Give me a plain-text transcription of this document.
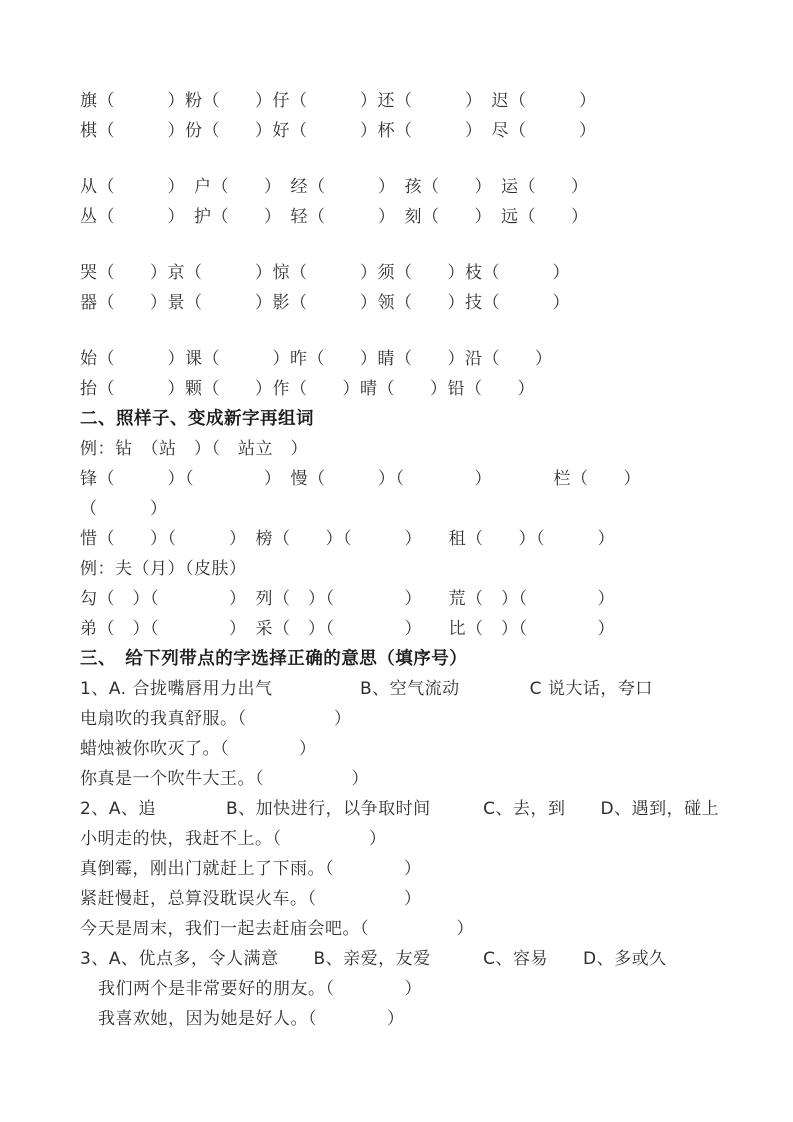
旗（　　　）粉（　　）仔（　　　）还（　　　）　迟（　　　）
棋（　　　）份（　　）好（　　　）杯（　　　）　尽（　　　）
从（　　　）　户（　　）　经（　　　）　孩（　　）　运（　　）
丛（　　　）　护（　　）　轻（　　　）　刻（　　）　远（　　）
哭（　　）京（　　　）惊（　　　）须（　　）枝（　　　）
器（　　）景（　　　）影（　　　）领（　　）技（　　　）
始（　　　）课（　　　）昨（　　）睛（　　）沿（　　）
抬（　　　）颗（　　）作（　　）晴（　　）铅（　　）
二、照样子、变成新字再组词
例：钻　（站　）（　站立　）
锋（　　　）（　　　　）　慢（　　　）（　　　　）　　　　栏（　　）
（　　　）
惜（　　）（　　　）　榜（　　）（　　　）　　租（　　）（　　　）
例：夫（月）（皮肤）
勾（　）（　　　　）　列（　）（　　　　）　　荒（　）（　　　　）
弟（　）（　　　　）　采（　）（　　　　）　　比（　）（　　　　）
三、　给下列带点的字选择正确的意思（填序号）
1、A. 合拢嘴唇用力出气　　　　　B、空气流动　　　　C 说大话，夸口
电扇吹的我真舒服。（　　　　　）
蜡烛被你吹灭了。（　　　　）
你真是一个吹牛大王。（　　　　　）
2、A、追　　　　B、加快进行，以争取时间　　　C、去，到　　D、遇到，碰上
小明走的快，我赶不上。（　　　　　）
真倒霉，刚出门就赶上了下雨。（　　　　）
紧赶慢赶，总算没耽误火车。（　　　　　）
今天是周末，我们一起去赶庙会吧。（　　　　　）
3、A、优点多，令人满意　　B、亲爱，友爱　　　C、容易　　D、多或久
我们两个是非常要好的朋友。（　　　　）
我喜欢她，因为她是好人。（　　　　）
